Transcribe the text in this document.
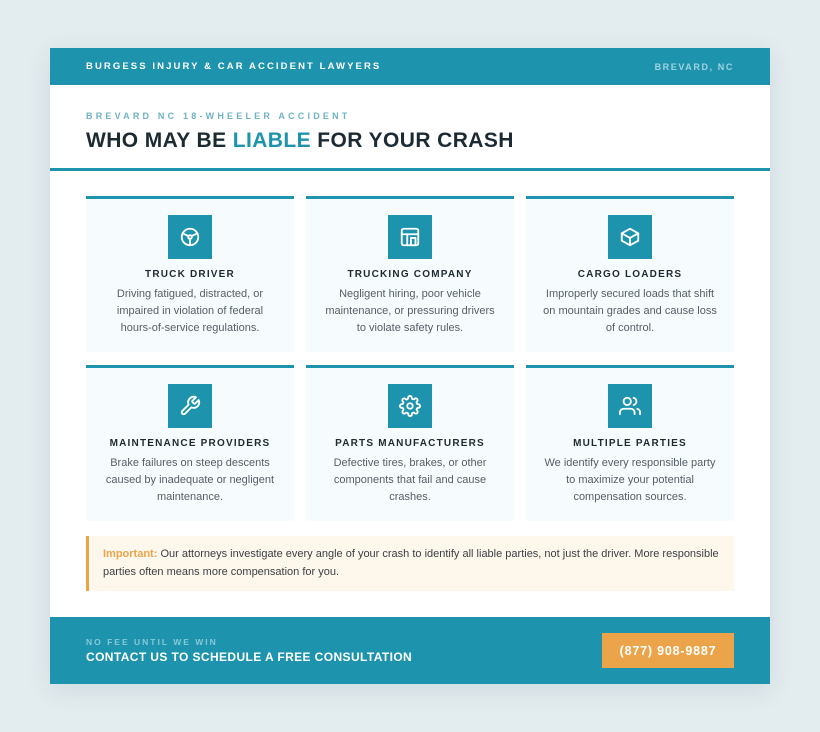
BURGESS INJURY & CAR ACCIDENT LAWYERS	BREVARD, NC
BREVARD NC 18-WHEELER ACCIDENT
WHO MAY BE LIABLE FOR YOUR CRASH
TRUCK DRIVER
Driving fatigued, distracted, or impaired in violation of federal hours-of-service regulations.
TRUCKING COMPANY
Negligent hiring, poor vehicle maintenance, or pressuring drivers to violate safety rules.
CARGO LOADERS
Improperly secured loads that shift on mountain grades and cause loss of control.
MAINTENANCE PROVIDERS
Brake failures on steep descents caused by inadequate or negligent maintenance.
PARTS MANUFACTURERS
Defective tires, brakes, or other components that fail and cause crashes.
MULTIPLE PARTIES
We identify every responsible party to maximize your potential compensation sources.
Important: Our attorneys investigate every angle of your crash to identify all liable parties, not just the driver. More responsible parties often means more compensation for you.
NO FEE UNTIL WE WIN
CONTACT US TO SCHEDULE A FREE CONSULTATION	(877) 908-9887
